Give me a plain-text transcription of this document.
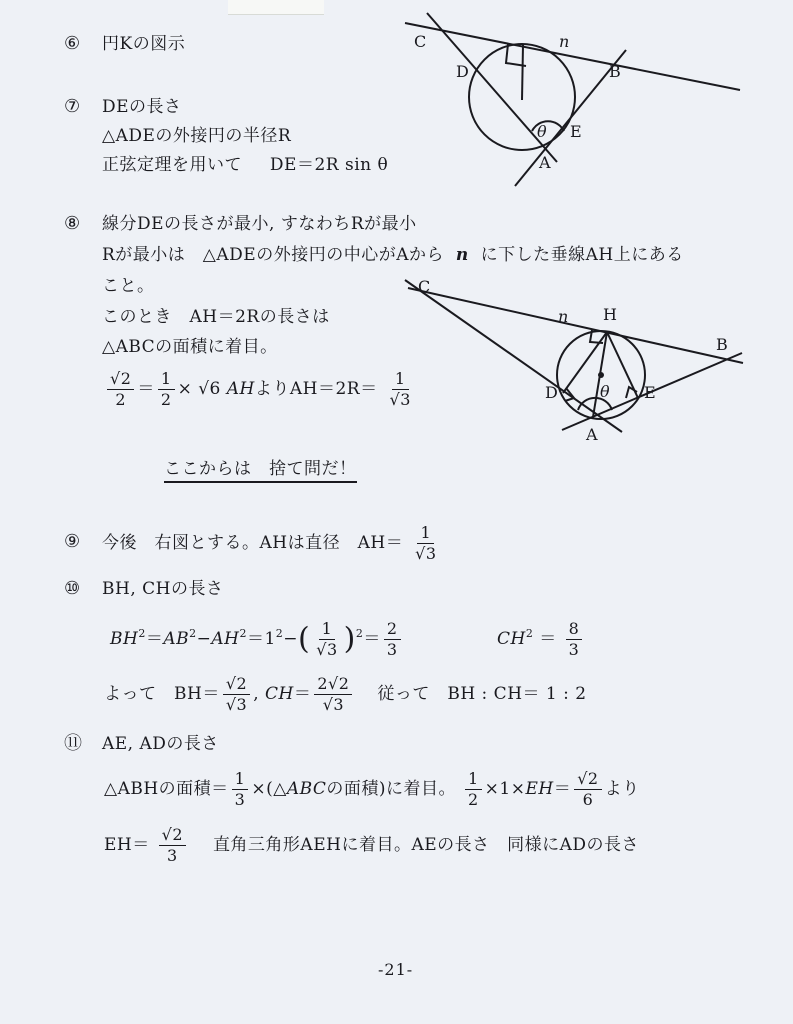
⑥ 円Kの図示
⑦ DEの長さ
△ADEの外接円の半径R
正弦定理を用いて DE＝2R sin θ
C	n
D	B
E
θ
A
⑧ 線分DEの長さが最小, すなわちRが最小
Rが最小は　△ADEの外接円の中心がAから n に下した垂線AH上にある
こと。
このとき　AH＝2Rの長さは
△ABCの面積に着目。
$\frac{√2}{2} = \frac{1}{2} \times √6$ AHより$AH=2R= \frac{1}{√3}$
C
n H
B
D	E
θ
A
ここからは　捨て問だ！
⑨ 今後　右図とする。AHは直径　$AH= \frac{1}{√3}$
⑩ BH, CHの長さ
$BH^2=AB^2-AH^2=1^2-( \frac{1}{√3} )^2= \frac{2}{3}$	$CH^2 = \frac{8}{3}$
よって　$BH= \frac{√2}{√3}$ , $CH= \frac{2√2}{√3}$ 従って　BH : CH＝ 1 : 2
⑪ AE, ADの長さ
△ABHの面積＝ $\frac{1}{3}$ ×(△ABCの面積)に着目。 $\frac{1}{2} \times 1\times EH= \frac{√2}{6}$ より
$EH= \frac{√2}{3}$ 直角三角形AEHに着目。AEの長さ　同様にADの長さ
-21-
